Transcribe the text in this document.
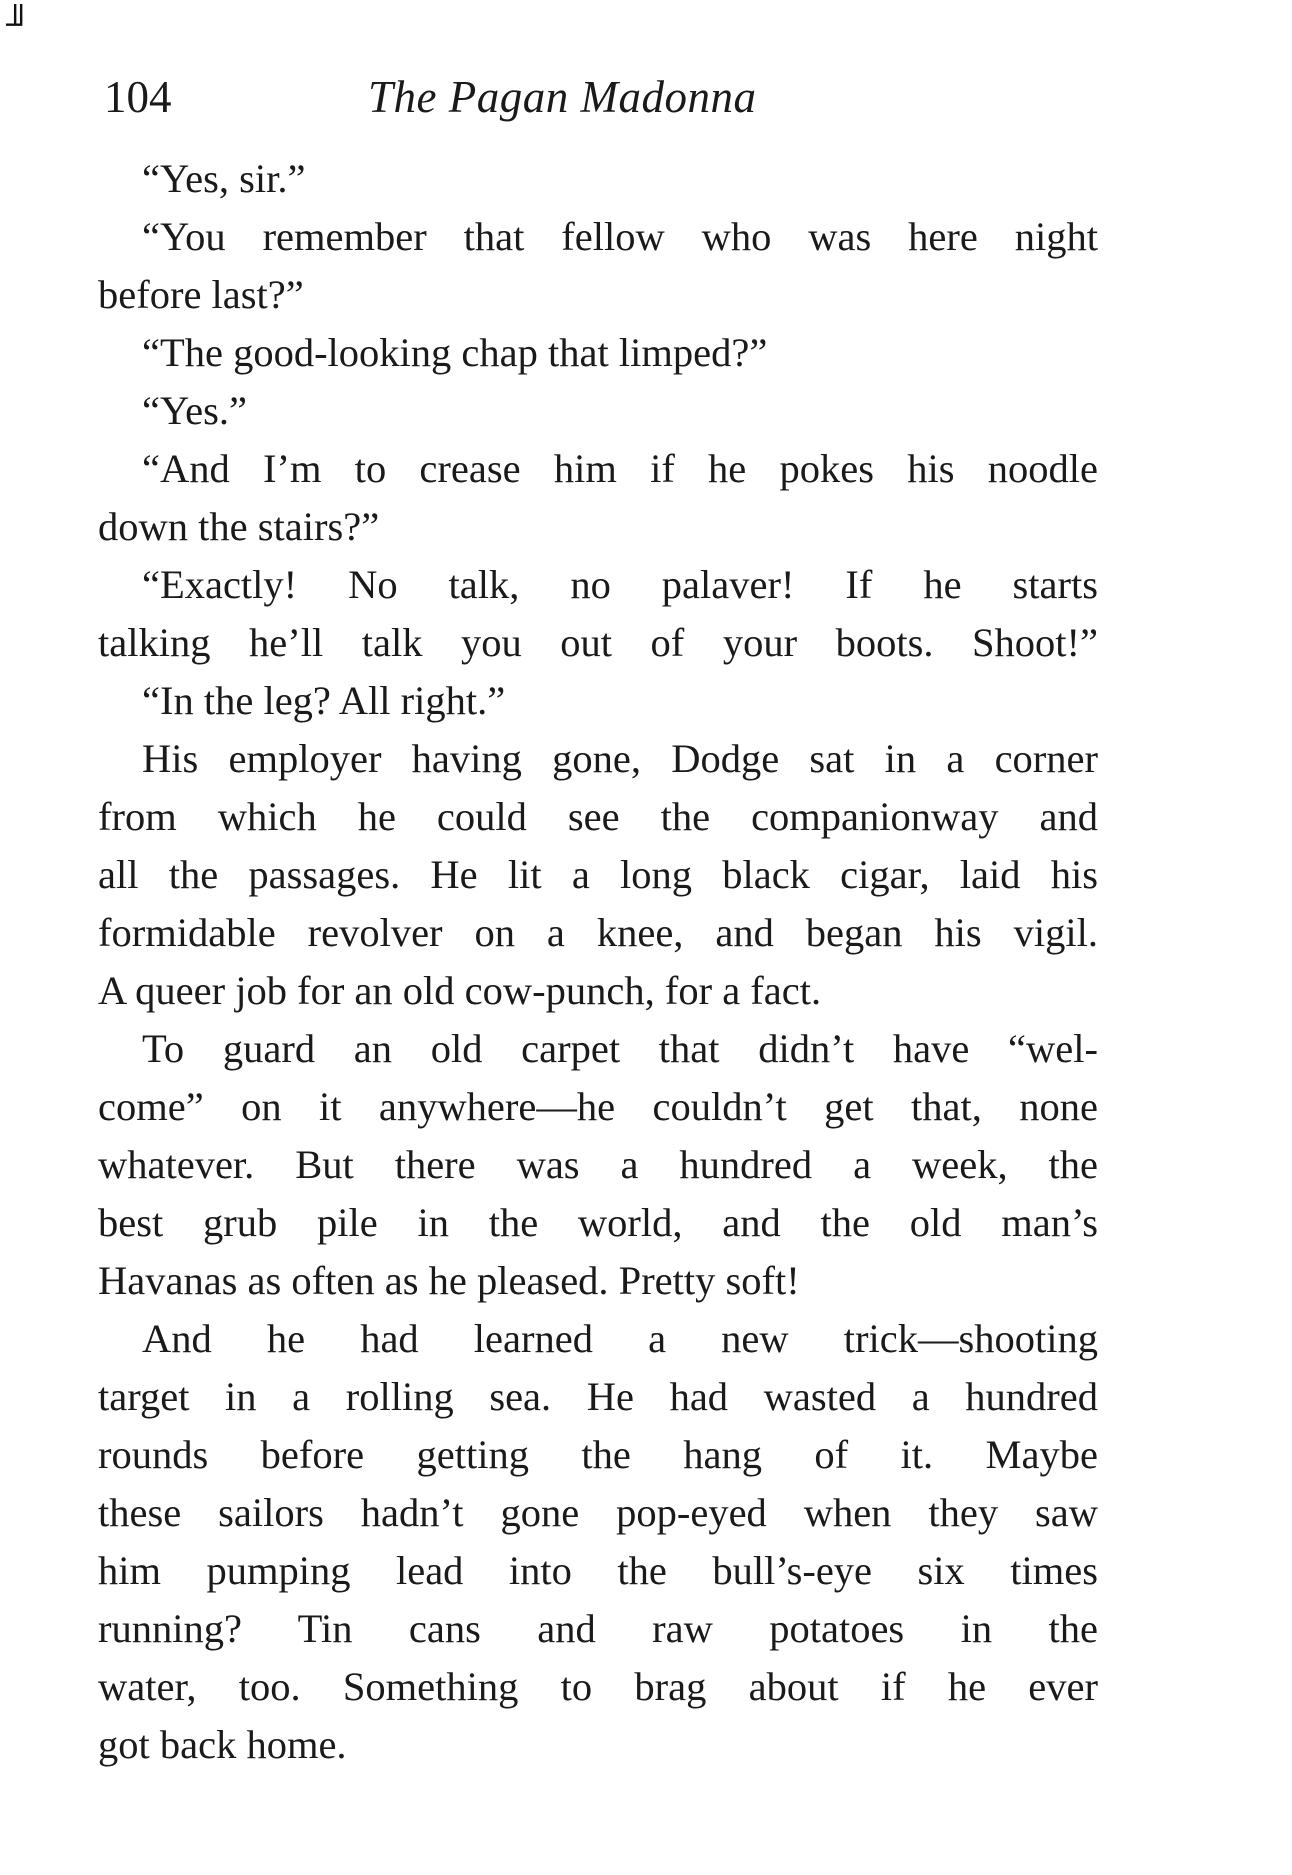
╜
104	The Pagan Madonna

“Yes, sir.”

“You remember that fellow who was here night
before last?”

“The good-looking chap that limped?”

“Yes.”

“And I’m to crease him if he pokes his noodle
down the stairs?”

“Exactly! No talk, no palaver! If he starts
talking he’ll talk you out of your boots. Shoot!”

“In the leg? All right.”

His employer having gone, Dodge sat in a corner
from which he could see the companionway and
all the passages. He lit a long black cigar, laid his
formidable revolver on a knee, and began his vigil.
A queer job for an old cow-punch, for a fact.

To guard an old carpet that didn’t have “wel-
come” on it anywhere—he couldn’t get that, none
whatever. But there was a hundred a week, the
best grub pile in the world, and the old man’s
Havanas as often as he pleased. Pretty soft!

And he had learned a new trick—shooting
target in a rolling sea. He had wasted a hundred
rounds before getting the hang of it. Maybe
these sailors hadn’t gone pop-eyed when they saw
him pumping lead into the bull’s-eye six times
running? Tin cans and raw potatoes in the
water, too. Something to brag about if he ever
got back home.
